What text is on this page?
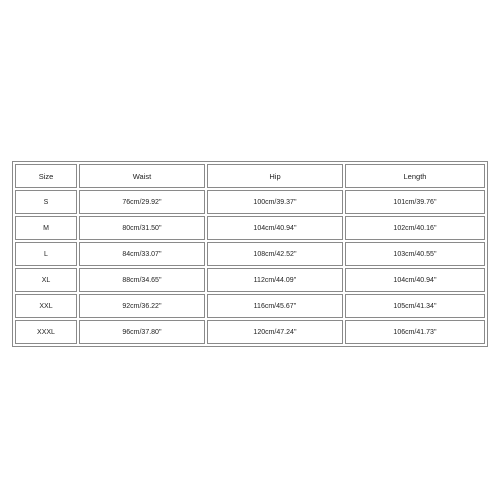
Size	Waist	Hip	Length
S	76cm/29.92''	100cm/39.37''	101cm/39.76''
M	80cm/31.50''	104cm/40.94''	102cm/40.16''
L	84cm/33.07''	108cm/42.52''	103cm/40.55''
XL	88cm/34.65''	112cm/44.09''	104cm/40.94''
XXL	92cm/36.22''	116cm/45.67''	105cm/41.34''
XXXL	96cm/37.80''	120cm/47.24''	106cm/41.73''
